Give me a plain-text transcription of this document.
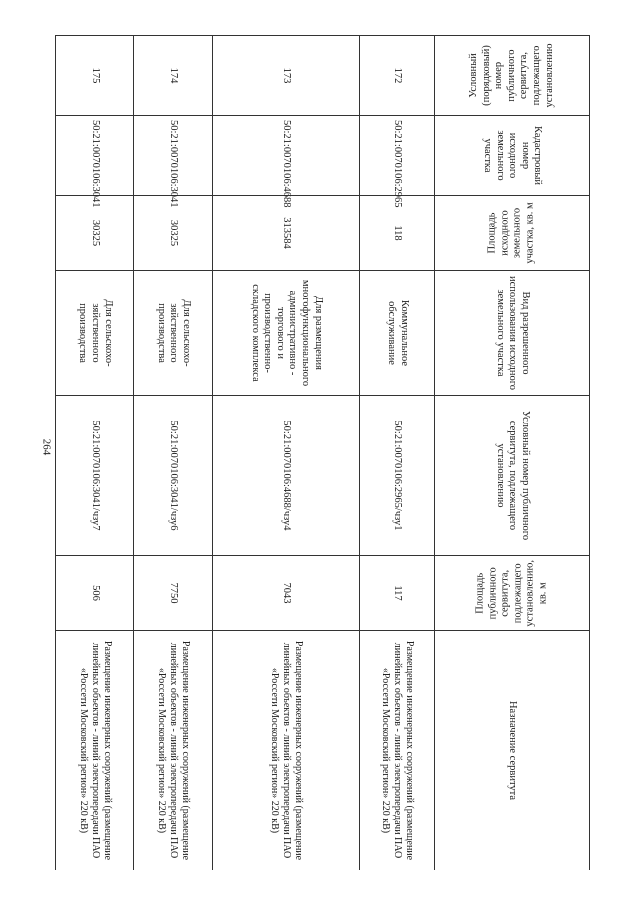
264
Условный (порядковый) номер публичного сервитута, подлежащего установлению	Кадастровый номер исходного земельного участка	Площадь исходного земельного участка, кв. м	Вид разрешенного использования исходного земельного участка	Условный номер публичного сервитута, подлежащего установлению	Площадь публичного сервитута, подлежащего установлению, кв. м	Назначение сервитута
172	50:21:0070106:2965	118	Коммунальное обслуживание	50:21:0070106:2965/чзу1	117	Размещение инженерных сооружений (размещение линейных объектов - линий электропередачи ПАО «Россети Московский регион» 220 кВ)
173	50:21:0070106:4688	313584	Для размещения многофункционального административно - торгового и производственно-складского комплекса	50:21:0070106:4688/чзу4	7043	Размещение инженерных сооружений (размещение линейных объектов - линий электропередачи ПАО «Россети Московский регион» 220 кВ)
174	50:21:0070106:3041	30325	Для сельскохо-зяйственного производства	50:21:0070106:3041/чзу6	7750	Размещение инженерных сооружений (размещение линейных объектов - линий электропередачи ПАО «Россети Московский регион» 220 кВ)
175	50:21:0070106:3041	30325	Для сельскохо-зяйственного производства	50:21:0070106:3041/чзу7	506	Размещение инженерных сооружений (размещение линейных объектов - линий электропередачи ПАО «Россети Московский регион» 220 кВ)
